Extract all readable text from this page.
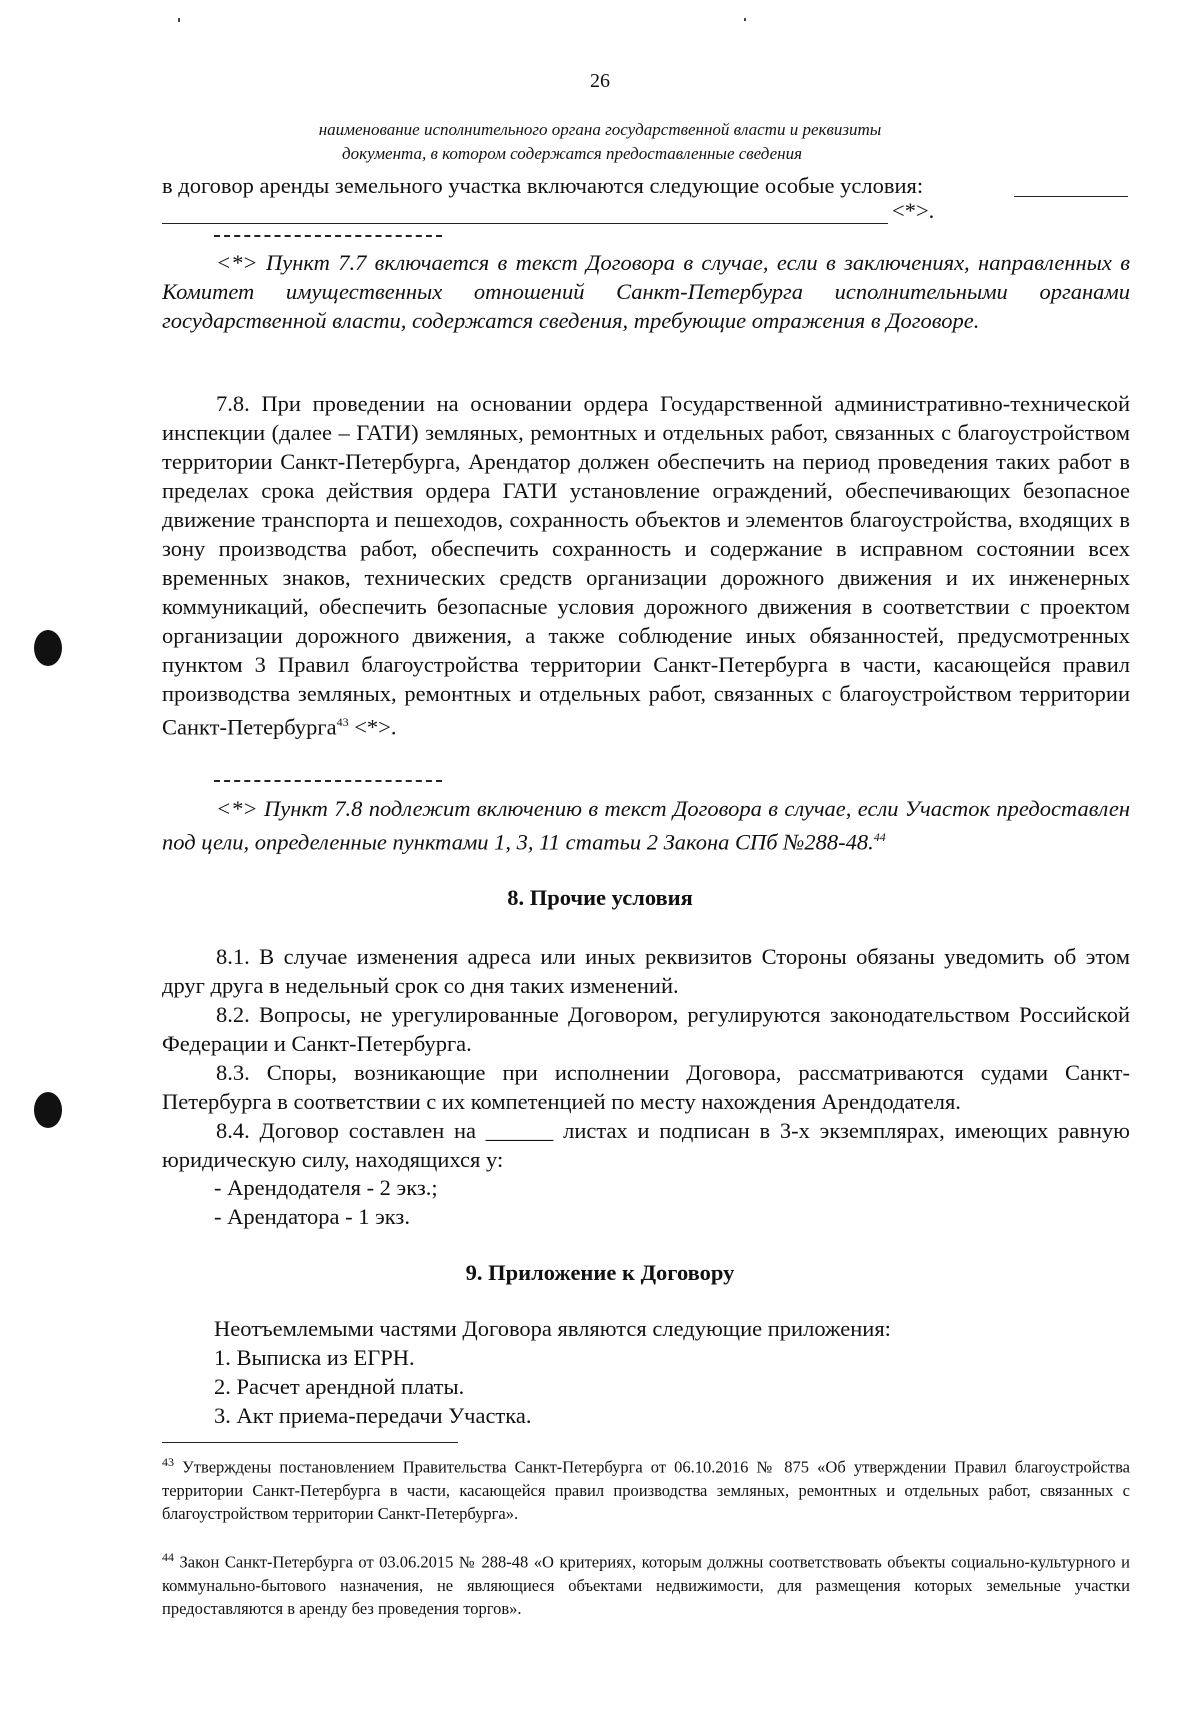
26
наименование исполнительного органа государственной власти и реквизиты
документа, в котором содержатся предоставленные сведения

в договор аренды земельного участка включаются следующие особые условия:

<*>.

<*> Пункт 7.7 включается в текст Договора в случае, если в заключениях, направленных в Комитет имущественных отношений Санкт-Петербурга исполнительными органами государственной власти, содержатся сведения, требующие отражения в Договоре.

7.8. При проведении на основании ордера Государственной административно-технической инспекции (далее – ГАТИ) земляных, ремонтных и отдельных работ, связанных с благоустройством территории Санкт-Петербурга, Арендатор должен обеспечить на период проведения таких работ в пределах срока действия ордера ГАТИ установление ограждений, обеспечивающих безопасное движение транспорта и пешеходов, сохранность объектов и элементов благоустройства, входящих в зону производства работ, обеспечить сохранность и содержание в исправном состоянии всех временных знаков, технических средств организации дорожного движения и их инженерных коммуникаций, обеспечить безопасные условия дорожного движения в соответствии с проектом организации дорожного движения, а также соблюдение иных обязанностей, предусмотренных пунктом 3 Правил благоустройства территории Санкт-Петербурга в части, касающейся правил производства земляных, ремонтных и отдельных работ, связанных с благоустройством территории Санкт-Петербурга$^{43}$ <*>.

<*> Пункт 7.8 подлежит включению в текст Договора в случае, если Участок предоставлен под цели, определенные пунктами 1, 3, 11 статьи 2 Закона СПб №288-48.44

8. Прочие условия

8.1. В случае изменения адреса или иных реквизитов Стороны обязаны уведомить об этом друг друга в недельный срок со дня таких изменений.

8.2. Вопросы, не урегулированные Договором, регулируются законодательством Российской Федерации и Санкт-Петербурга.

8.3. Споры, возникающие при исполнении Договора, рассматриваются судами Санкт-Петербурга в соответствии с их компетенцией по месту нахождения Арендодателя.

8.4. Договор составлен на ______ листах и подписан в 3-х экземплярах, имеющих равную юридическую силу, находящихся у:

- Арендодателя - 2 экз.;
- Арендатора - 1 экз.
9. Приложение к Договору
Неотъемлемыми частями Договора являются следующие приложения:
1. Выписка из ЕГРН.
2. Расчет арендной платы.
3. Акт приема-передачи Участка.

$^{43}$ Утверждены постановлением Правительства Санкт-Петербурга от 06.10.2016 № 875 «Об утверждении Правил благоустройства территории Санкт-Петербурга в части, касающейся правил производства земляных, ремонтных и отдельных работ, связанных с благоустройством территории Санкт-Петербурга».

$^{44}$ Закон Санкт-Петербурга от 03.06.2015 № 288-48 «О критериях, которым должны соответствовать объекты социально-культурного и коммунально-бытового назначения, не являющиеся объектами недвижимости, для размещения которых земельные участки предоставляются в аренду без проведения торгов».
